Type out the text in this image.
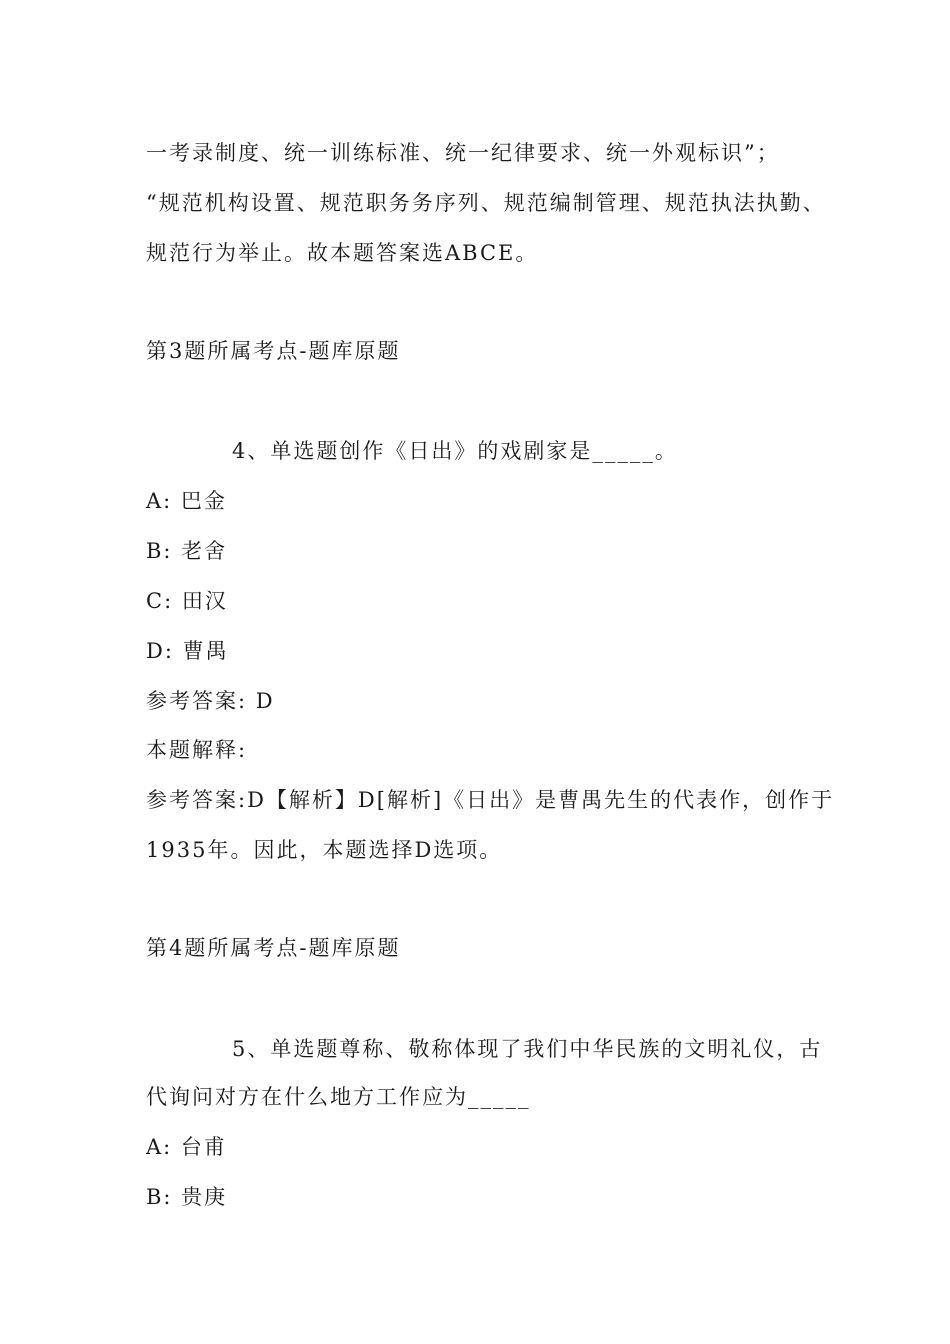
一考录制度、统一训练标准、统一纪律要求、统一外观标识”；
“规范机构设置、规范职务务序列、规范编制管理、规范执法执勤、
规范行为举止。故本题答案选ABCE。
第3题所属考点-题库原题
4、单选题创作《日出》的戏剧家是_____。
A: 巴金
B: 老舍
C: 田汉
D: 曹禺
参考答案: D
本题解释:
参考答案:D【解析】D[解析]《日出》是曹禺先生的代表作，创作于
1935年。因此，本题选择D选项。
第4题所属考点-题库原题
5、单选题尊称、敬称体现了我们中华民族的文明礼仪，古
代询问对方在什么地方工作应为_____
A: 台甫
B: 贵庚
